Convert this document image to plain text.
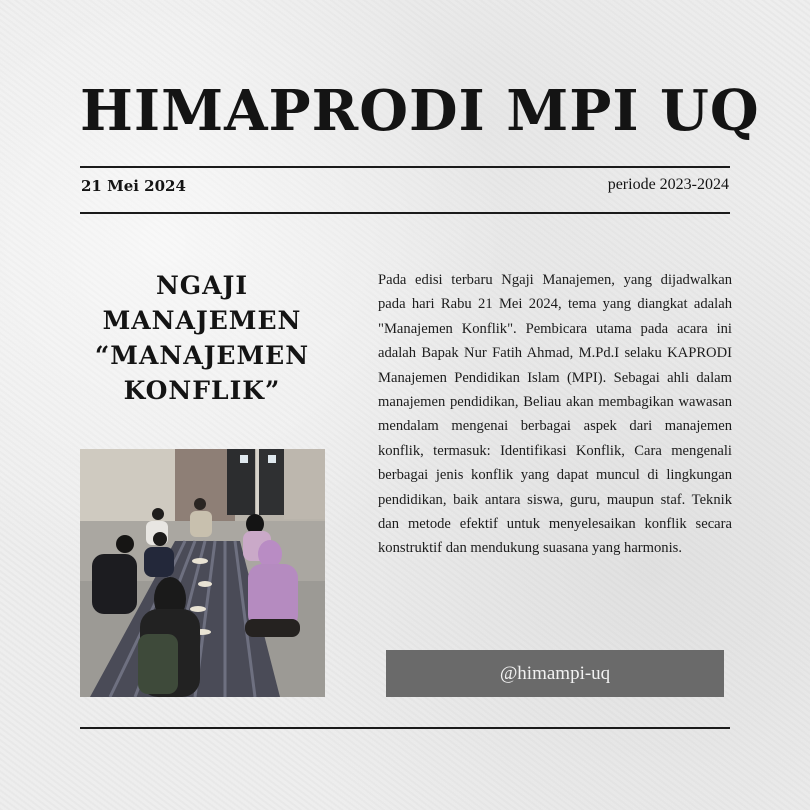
HIMAPRODI MPI UQ
21 Mei 2024	periode 2023-2024
NGAJI MANAJEMEN
“MANAJEMEN
KONFLIK”
Pada edisi terbaru Ngaji Manajemen, yang dijadwalkan pada hari Rabu 21 Mei 2024, tema yang diangkat adalah "Manajemen Konflik". Pembicara utama pada acara ini adalah Bapak Nur Fatih Ahmad, M.Pd.I selaku KAPRODI Manajemen Pendidikan Islam (MPI). Sebagai ahli dalam manajemen pendidikan, Beliau akan membagikan wawasan mendalam mengenai berbagai aspek dari manajemen konflik, termasuk: Identifikasi Konflik, Cara mengenali berbagai jenis konflik yang dapat muncul di lingkungan pendidikan, baik antara siswa, guru, maupun staf. Teknik dan metode efektif untuk menyelesaikan konflik secara konstruktif dan mendukung suasana yang harmonis.
@himampi-uq
